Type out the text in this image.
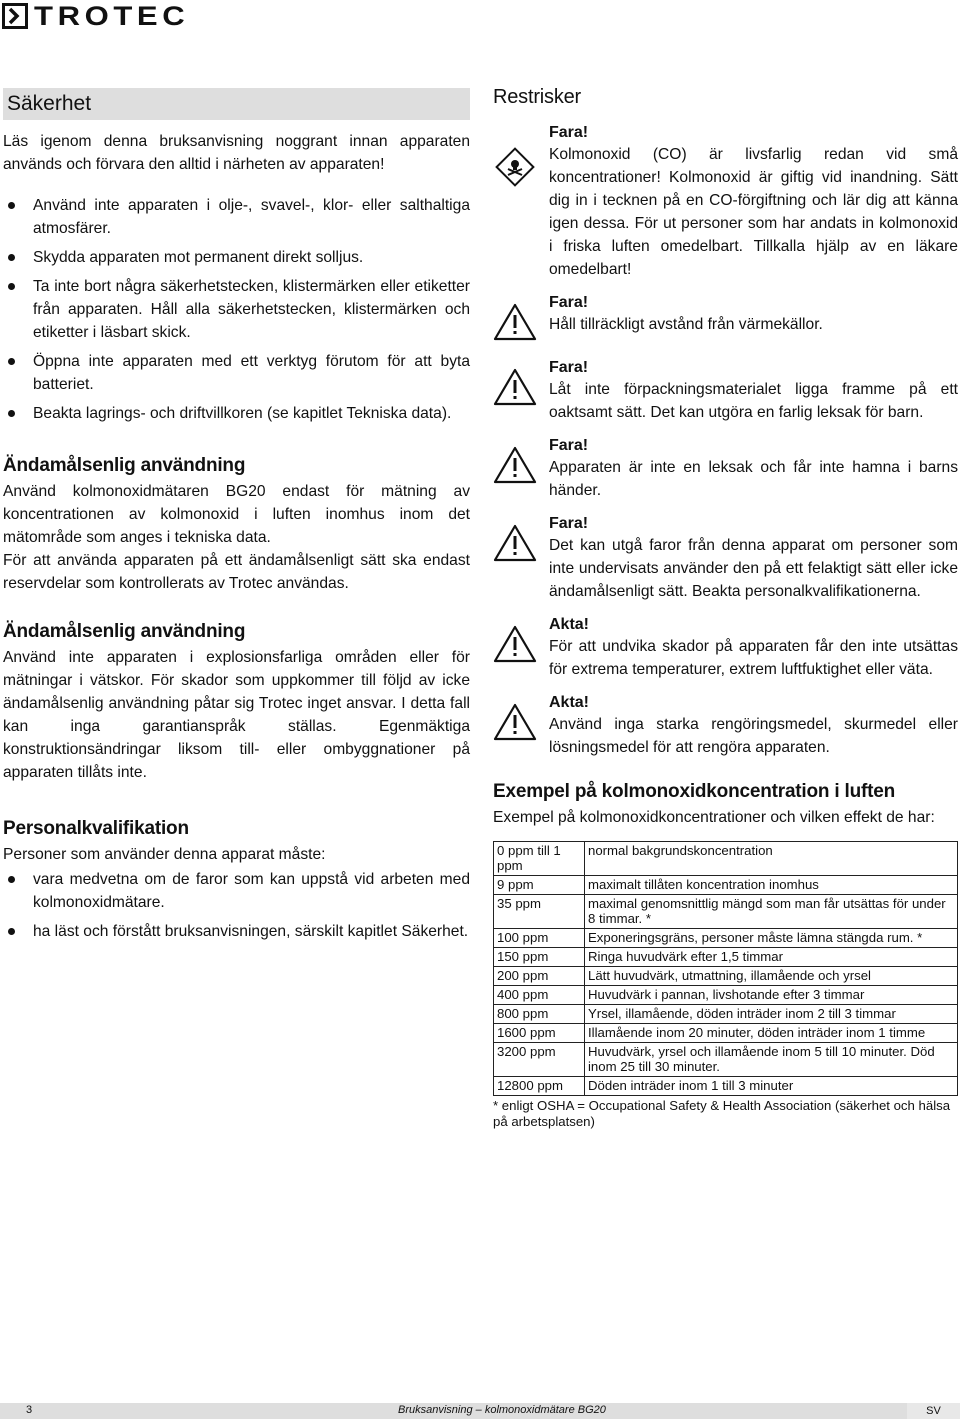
TROTEC
Säkerhet

Läs igenom denna bruksanvisning noggrant innan apparaten används och förvara den alltid i närheten av apparaten!

Använd inte apparaten i olje-, svavel-, klor- eller salthaltiga atmosfärer.
Skydda apparaten mot permanent direkt solljus.
Ta inte bort några säkerhetstecken, klistermärken eller etiketter från apparaten. Håll alla säkerhetstecken, klistermärken och etiketter i läsbart skick.
Öppna inte apparaten med ett verktyg förutom för att byta batteriet.
Beakta lagrings- och driftvillkoren (se kapitlet Tekniska data).
Ändamålsenlig användning

Använd kolmonoxidmätaren BG20 endast för mätning av koncentrationen av kolmonoxid i luften inomhus inom det mätområde som anges i tekniska data.

För att använda apparaten på ett ändamålsenligt sätt ska endast reservdelar som kontrollerats av Trotec användas.

Ändamålsenlig användning

Använd inte apparaten i explosionsfarliga områden eller för mätningar i vätskor. För skador som uppkommer till följd av icke ändamålsenlig användning påtar sig Trotec inget ansvar. I detta fall kan inga garantianspråk ställas. Egenmäktiga konstruktionsändringar liksom till- eller ombyggnationer på apparaten tillåts inte.

Personalkvalifikation

Personer som använder denna apparat måste:

vara medvetna om de faror som kan uppstå vid arbeten med kolmonoxidmätare.
ha läst och förstått bruksanvisningen, särskilt kapitlet Säkerhet.
Restrisker
Fara!
Kolmonoxid (CO) är livsfarlig redan vid små koncentrationer! Kolmonoxid är giftig vid inandning. Sätt dig in i tecknen på en CO-förgiftning och lär dig att känna igen dessa. För ut personer som har andats in kolmonoxid i friska luften omedelbart. Tillkalla hjälp av en läkare omedelbart!
Fara!
Håll tillräckligt avstånd från värmekällor.
Fara!
Låt inte förpackningsmaterialet ligga framme på ett oaktsamt sätt. Det kan utgöra en farlig leksak för barn.
Fara!
Apparaten är inte en leksak och får inte hamna i barns händer.
Fara!
Det kan utgå faror från denna apparat om personer som inte undervisats använder den på ett felaktigt sätt eller icke ändamålsenligt sätt. Beakta personalkvalifikationerna.
Akta!
För att undvika skador på apparaten får den inte utsättas för extrema temperaturer, extrem luftfuktighet eller väta.
Akta!
Använd inga starka rengöringsmedel, skurmedel eller lösningsmedel för att rengöra apparaten.
Exempel på kolmonoxidkoncentration i luften

Exempel på kolmonoxidkoncentrationer och vilken effekt de har:

0 ppm till 1 ppm	normal bakgrundskoncentration
9 ppm	maximalt tillåten koncentration inomhus
35 ppm	maximal genomsnittlig mängd som man får utsättas för under 8 timmar. *
100 ppm	Exponeringsgräns, personer måste lämna stängda rum. *
150 ppm	Ringa huvudvärk efter 1,5 timmar
200 ppm	Lätt huvudvärk, utmattning, illamående och yrsel
400 ppm	Huvudvärk i pannan, livshotande efter 3 timmar
800 ppm	Yrsel, illamående, döden inträder inom 2 till 3 timmar
1600 ppm	Illamående inom 20 minuter, döden inträder inom 1 timme
3200 ppm	Huvudvärk, yrsel och illamående inom 5 till 10 minuter. Död inom 25 till 30 minuter.
12800 ppm	Döden inträder inom 1 till 3 minuter
* enligt OSHA = Occupational Safety & Health Association (säkerhet och hälsa på arbetsplatsen)
3	Bruksanvisning – kolmonoxidmätare BG20	SV
